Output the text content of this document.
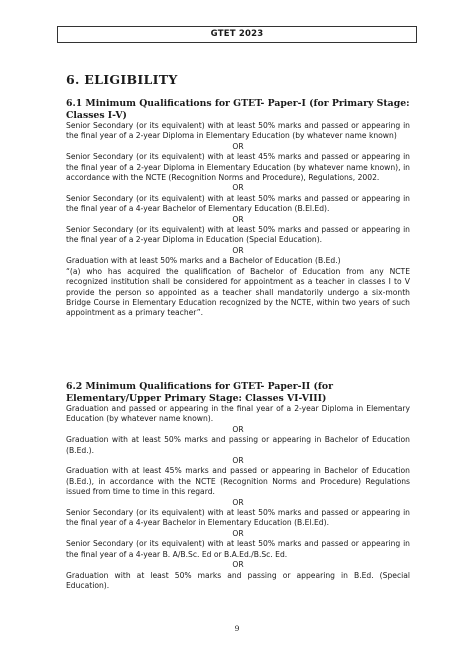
GTET 2023
6. ELIGIBILITY

6.1 Minimum Qualifications for GTET- Paper-I (for Primary Stage: Classes I-V)

Senior Secondary (or its equivalent) with at least 50% marks and passed or appearing in the final year of a 2-year Diploma in Elementary Education (by whatever name known)

OR

Senior Secondary (or its equivalent) with at least 45% marks and passed or appearing in the final year of a 2-year Diploma in Elementary Education (by whatever name known), in accordance with the NCTE (Recognition Norms and Procedure), Regulations, 2002.

OR

Senior Secondary (or its equivalent) with at least 50% marks and passed or appearing in the final year of a 4-year Bachelor of Elementary Education (B.El.Ed).

OR

Senior Secondary (or its equivalent) with at least 50% marks and passed or appearing in the final year of a 2-year Diploma in Education (Special Education).

OR

Graduation with at least 50% marks and a Bachelor of Education (B.Ed.)

“(a) who has acquired the qualification of Bachelor of Education from any NCTE recognized institution shall be considered for appointment as a teacher in classes I to V provide the person so appointed as a teacher shall mandatorily undergo a six-month Bridge Course in Elementary Education recognized by the NCTE, within two years of such appointment as a primary teacher”.

6.2 Minimum Qualifications for GTET- Paper-II (for Elementary/Upper Primary Stage: Classes VI-VIII)

Graduation and passed or appearing in the final year of a 2-year Diploma in Elementary Education (by whatever name known).

OR

Graduation with at least 50% marks and passing or appearing in Bachelor of Education (B.Ed.).

OR

Graduation with at least 45% marks and passed or appearing in Bachelor of Education (B.Ed.), in accordance with the NCTE (Recognition Norms and Procedure) Regulations issued from time to time in this regard.

OR

Senior Secondary (or its equivalent) with at least 50% marks and passed or appearing in the final year of a 4-year Bachelor in Elementary Education (B.El.Ed).

OR

Senior Secondary (or its equivalent) with at least 50% marks and passed or appearing in the final year of a 4-year B. A/B.Sc. Ed or B.A.Ed./B.Sc. Ed.

OR

Graduation with at least 50% marks and passing or appearing in B.Ed. (Special Education).

9
